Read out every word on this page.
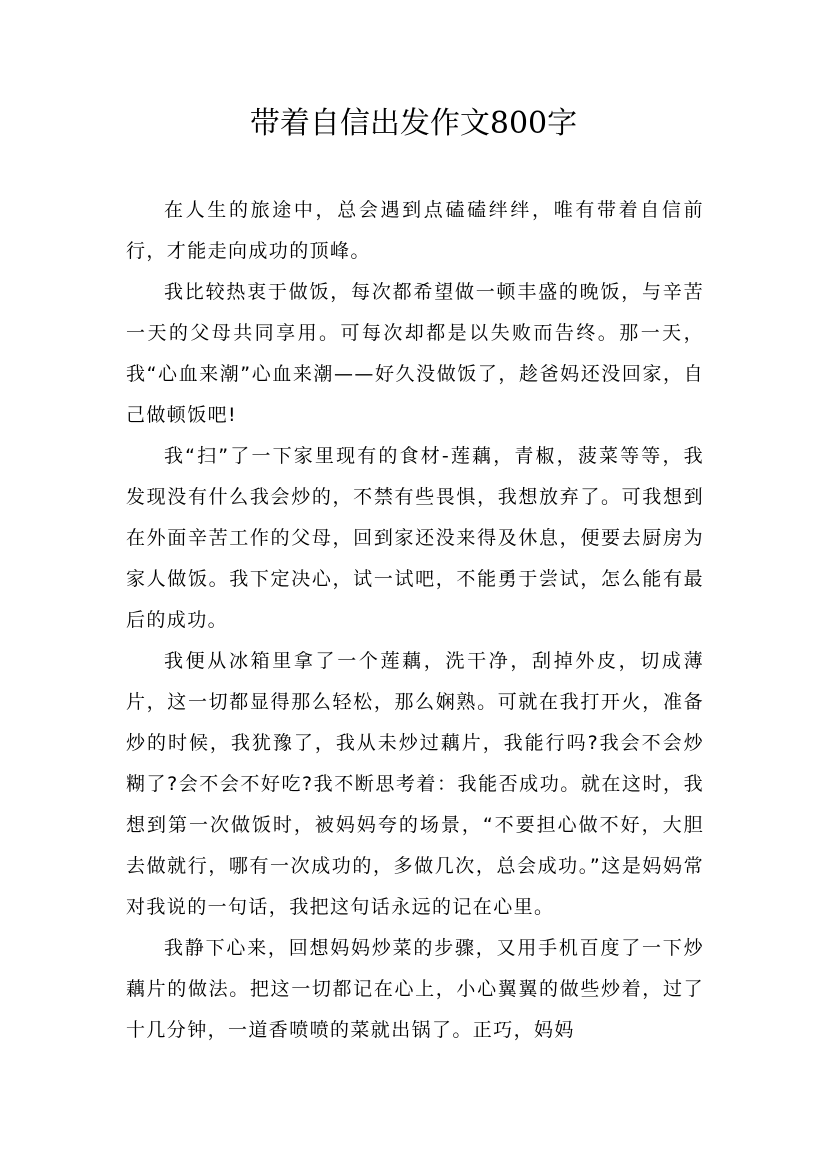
带着自信出发作文800字

在人生的旅途中，总会遇到点磕磕绊绊，唯有带着自信前行，才能走向成功的顶峰。

我比较热衷于做饭，每次都希望做一顿丰盛的晚饭，与辛苦一天的父母共同享用。可每次却都是以失败而告终。那一天，我“心血来潮”心血来潮——好久没做饭了，趁爸妈还没回家，自己做顿饭吧!

我“扫”了一下家里现有的食材-莲藕，青椒，菠菜等等，我发现没有什么我会炒的，不禁有些畏惧，我想放弃了。可我想到在外面辛苦工作的父母，回到家还没来得及休息，便要去厨房为家人做饭。我下定决心，试一试吧，不能勇于尝试，怎么能有最后的成功。

我便从冰箱里拿了一个莲藕，洗干净，刮掉外皮，切成薄片，这一切都显得那么轻松，那么娴熟。可就在我打开火，准备炒的时候，我犹豫了，我从未炒过藕片，我能行吗?我会不会炒糊了?会不会不好吃?我不断思考着：我能否成功。就在这时，我想到第一次做饭时，被妈妈夸的场景，“不要担心做不好，大胆去做就行，哪有一次成功的，多做几次，总会成功。”这是妈妈常对我说的一句话，我把这句话永远的记在心里。

我静下心来，回想妈妈炒菜的步骤，又用手机百度了一下炒藕片的做法。把这一切都记在心上，小心翼翼的做些炒着，过了十几分钟，一道香喷喷的菜就出锅了。正巧，妈妈
